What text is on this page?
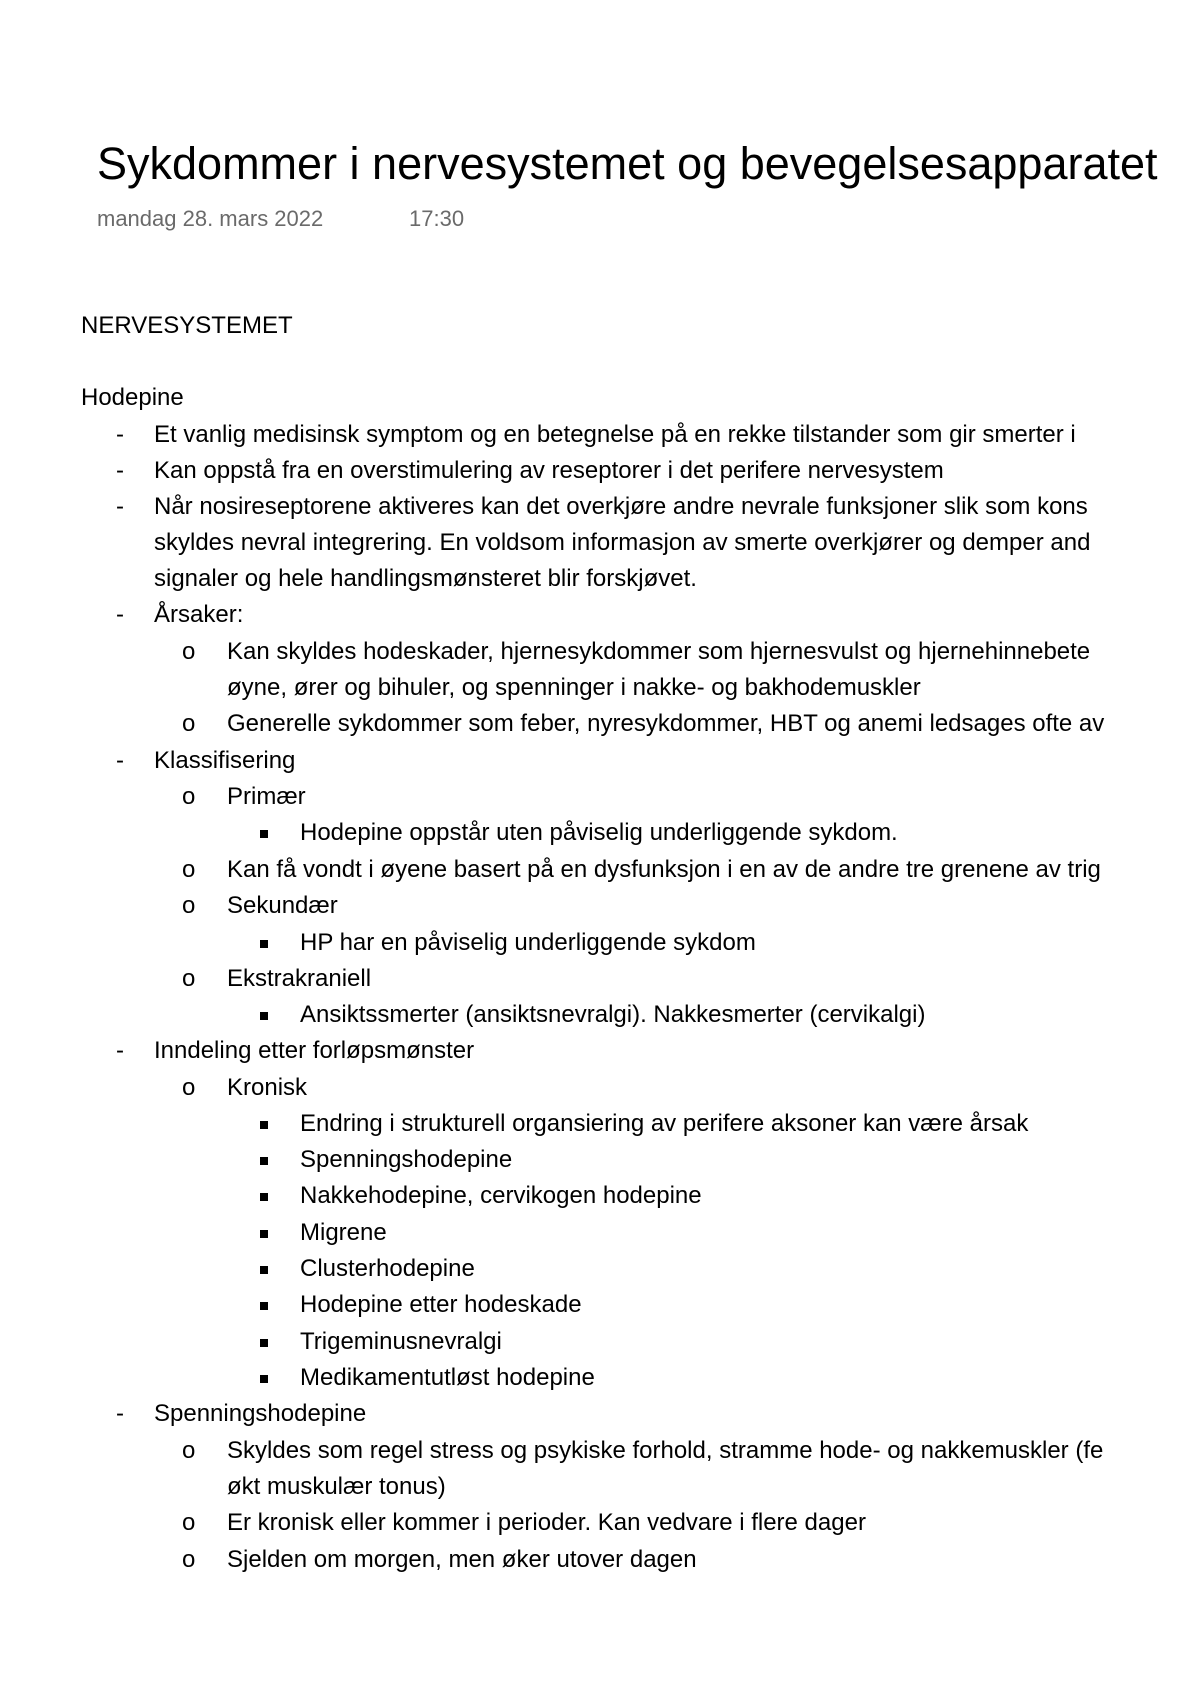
Sykdommer i nervesystemet og bevegelsesapparatet
mandag 28. mars 2022	17:30
NERVESYSTEMET
Hodepine
- Et vanlig medisinsk symptom og en betegnelse på en rekke tilstander som gir smerter i
- Kan oppstå fra en overstimulering av reseptorer i det perifere nervesystem
- Når nosireseptorene aktiveres kan det overkjøre andre nevrale funksjoner slik som kons
skyldes nevral integrering. En voldsom informasjon av smerte overkjører og demper and
signaler og hele handlingsmønsteret blir forskjøvet.
- Årsaker:
o Kan skyldes hodeskader, hjernesykdommer som hjernesvulst og hjernehinnebete
øyne, ører og bihuler, og spenninger i nakke- og bakhodemuskler
o Generelle sykdommer som feber, nyresykdommer, HBT og anemi ledsages ofte av
- Klassifisering
o Primær
Hodepine oppstår uten påviselig underliggende sykdom.
o Kan få vondt i øyene basert på en dysfunksjon i en av de andre tre grenene av trig
o Sekundær
HP har en påviselig underliggende sykdom
o Ekstrakraniell
Ansiktssmerter (ansiktsnevralgi). Nakkesmerter (cervikalgi)
- Inndeling etter forløpsmønster
o Kronisk
Endring i strukturell organsiering av perifere aksoner kan være årsak
Spenningshodepine
Nakkehodepine, cervikogen hodepine
Migrene
Clusterhodepine
Hodepine etter hodeskade
Trigeminusnevralgi
Medikamentutløst hodepine
- Spenningshodepine
o Skyldes som regel stress og psykiske forhold, stramme hode- og nakkemuskler (fe
økt muskulær tonus)
o Er kronisk eller kommer i perioder. Kan vedvare i flere dager
o Sjelden om morgen, men øker utover dagen
